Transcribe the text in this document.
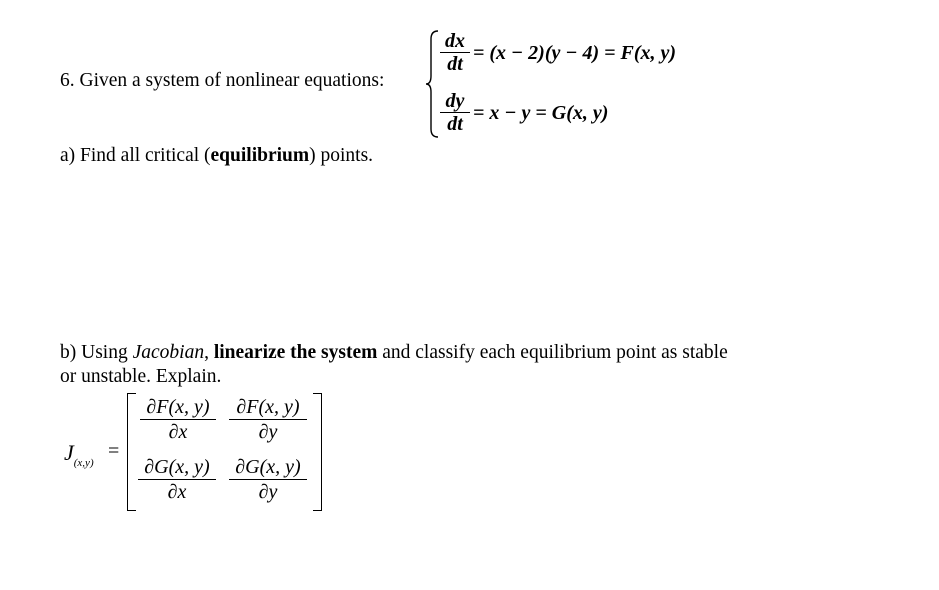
6. Given a system of nonlinear equations:
dx
dt = (x − 2)(y − 4) = F(x, y)
dy
dt = x − y = G(x, y)
a) Find all critical (equilibrium) points.
b) Using Jacobian, linearize the system and classify each equilibrium point as stable
or unstable. Explain.
$J_{(x,y)}$
=
∂F(x, y)
∂x
∂F(x, y)
∂y
∂G(x, y)
∂x
∂G(x, y)
∂y
